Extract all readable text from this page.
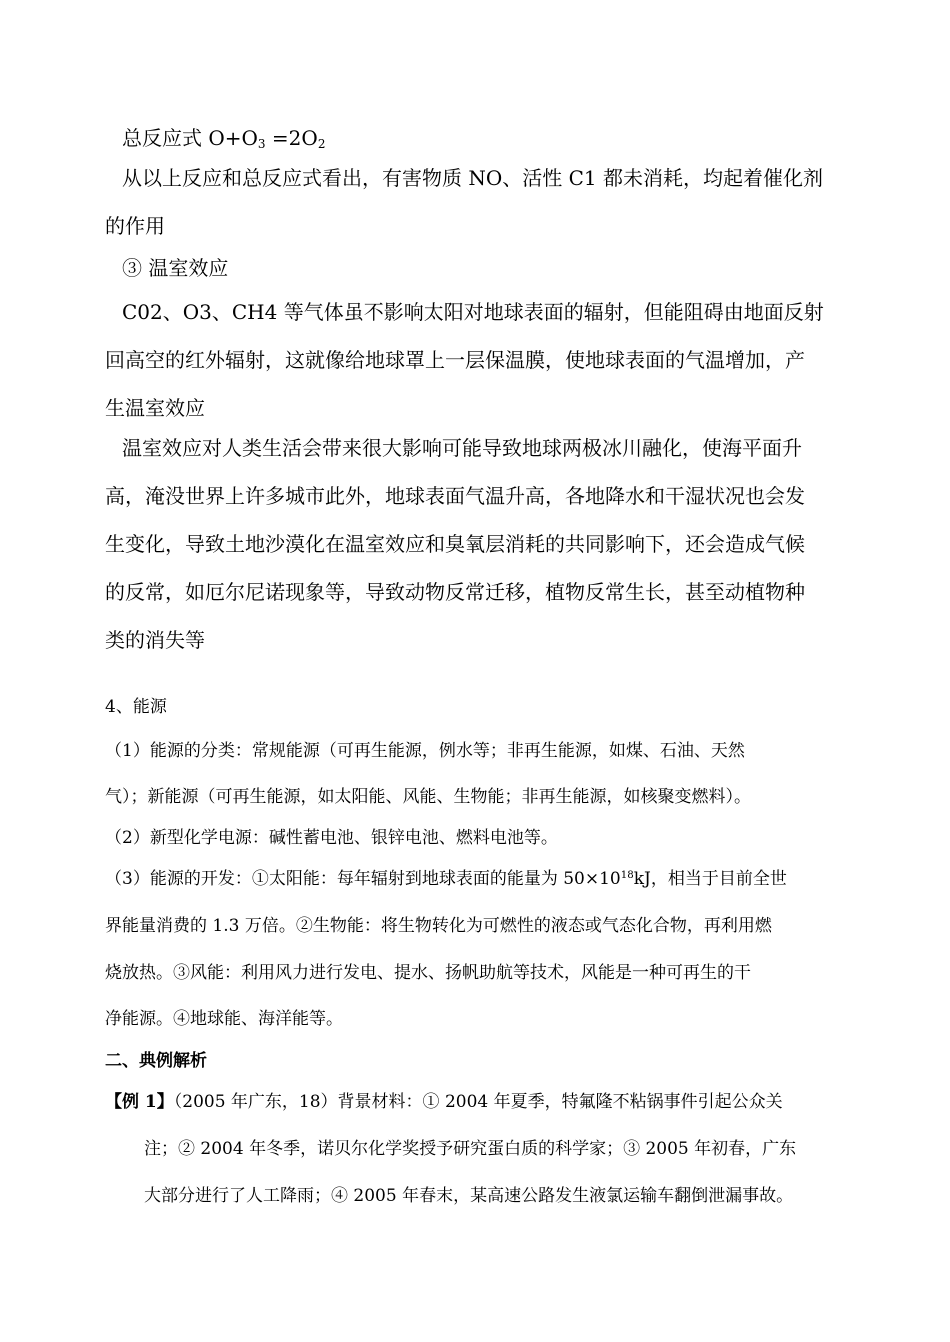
总反应式 $O+O_3 =2O_2$
从以上反应和总反应式看出，有害物质 NO、活性 C1 都未消耗，均起着催化剂
的作用
③ 温室效应
C02、O3、CH4 等气体虽不影响太阳对地球表面的辐射，但能阻碍由地面反射
回高空的红外辐射，这就像给地球罩上一层保温膜，使地球表面的气温增加，产
生温室效应
温室效应对人类生活会带来很大影响可能导致地球两极冰川融化，使海平面升
高，淹没世界上许多城市此外，地球表面气温升高，各地降水和干湿状况也会发
生变化，导致土地沙漠化在温室效应和臭氧层消耗的共同影响下，还会造成气候
的反常，如厄尔尼诺现象等，导致动物反常迁移，植物反常生长，甚至动植物种
类的消失等
4、能源
（1）能源的分类：常规能源（可再生能源，例水等；非再生能源，如煤、石油、天然
气）；新能源（可再生能源，如太阳能、风能、生物能；非再生能源，如核聚变燃料）。
（2）新型化学电源：碱性蓄电池、银锌电池、燃料电池等。
（3）能源的开发：①太阳能：每年辐射到地球表面的能量为 $50\times 10^{18}kJ$，相当于目前全世
界能量消费的 1.3 万倍。②生物能：将生物转化为可燃性的液态或气态化合物，再利用燃
烧放热。③风能：利用风力进行发电、提水、扬帆助航等技术，风能是一种可再生的干
净能源。④地球能、海洋能等。
二、典例解析
【例 1】（2005 年广东，18）背景材料：① 2004 年夏季，特氟隆不粘锅事件引起公众关
注；② 2004 年冬季，诺贝尔化学奖授予研究蛋白质的科学家；③ 2005 年初春，广东
大部分进行了人工降雨；④ 2005 年春末，某高速公路发生液氯运输车翻倒泄漏事故。
